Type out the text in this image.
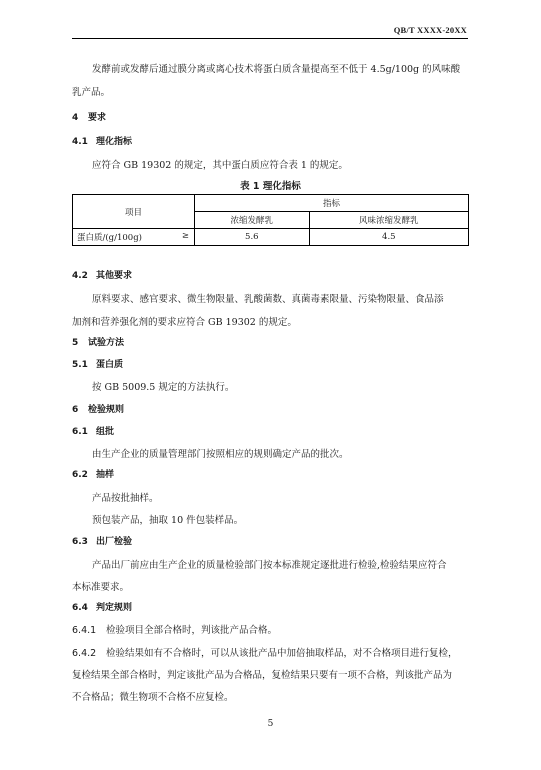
QB/T XXXX-20XX
发酵前或发酵后通过膜分离或离心技术将蛋白质含量提高至不低于 4.5g/100g 的风味酸
乳产品。
4 要求
4.1 理化指标
应符合 GB 19302 的规定，其中蛋白质应符合表 1 的规定。
表 1 理化指标
项目	指标	
	浓缩发酵乳	风味浓缩发酵乳
蛋白质/(g/100g) ≥	5.6	4.5
4.2 其他要求
原料要求、感官要求、微生物限量、乳酸菌数、真菌毒素限量、污染物限量、食品添
加剂和营养强化剂的要求应符合 GB 19302 的规定。
5 试验方法
5.1 蛋白质
按 GB 5009.5 规定的方法执行。
6 检验规则
6.1 组批
由生产企业的质量管理部门按照相应的规则确定产品的批次。
6.2 抽样
产品按批抽样。
预包装产品，抽取 10 件包装样品。
6.3 出厂检验
产品出厂前应由生产企业的质量检验部门按本标准规定逐批进行检验,检验结果应符合
本标准要求。
6.4 判定规则
6.4.1 检验项目全部合格时，判该批产品合格。
6.4.2 检验结果如有不合格时，可以从该批产品中加倍抽取样品，对不合格项目进行复检，
复检结果全部合格时，判定该批产品为合格品，复检结果只要有一项不合格，判该批产品为
不合格品；微生物项不合格不应复检。
5
